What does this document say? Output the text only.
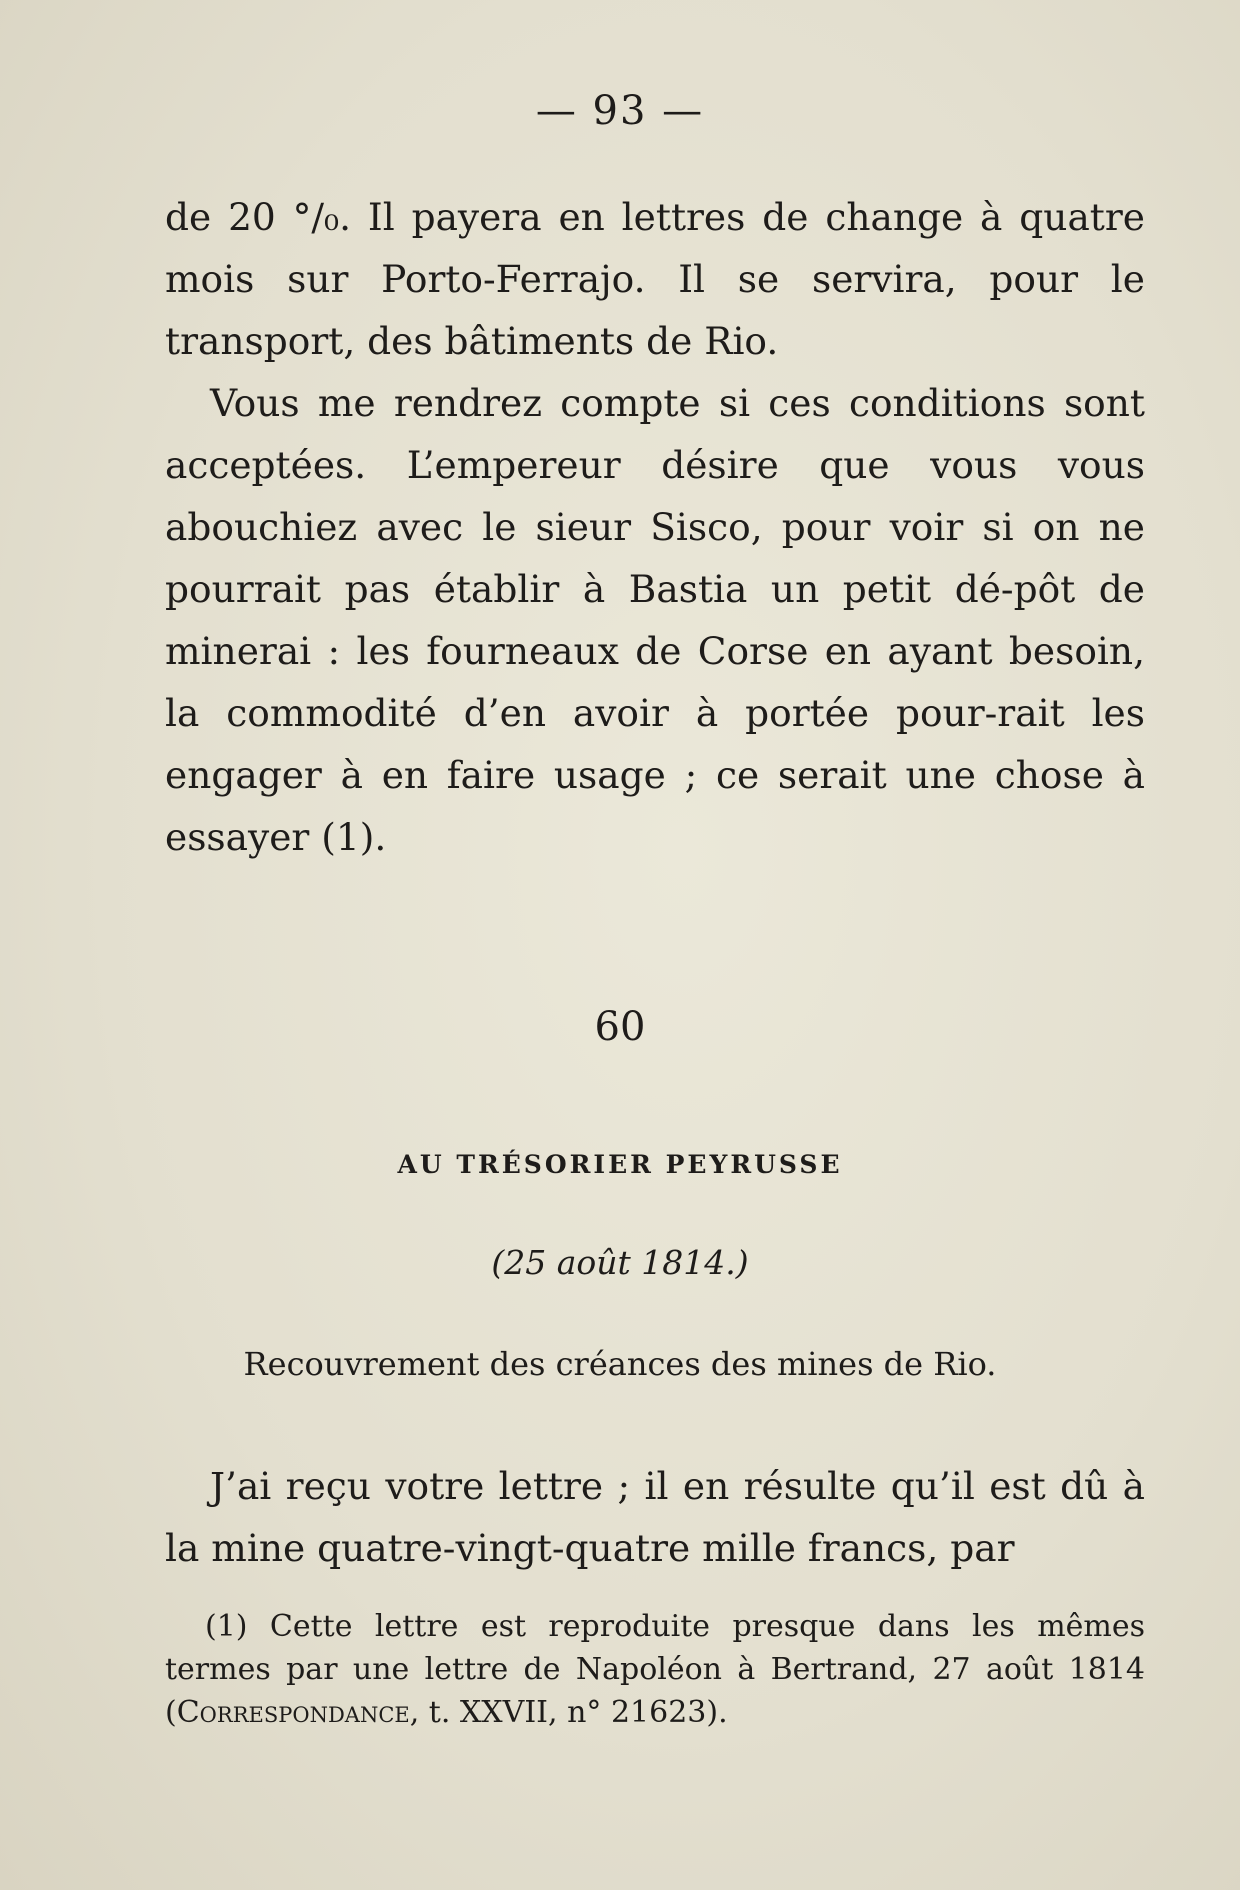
— 93 —

de 20 °/₀. Il payera en lettres de change à quatre mois sur Porto-Ferrajo. Il se servira, pour le transport, des bâtiments de Rio.

Vous me rendrez compte si ces conditions sont acceptées. L’empereur désire que vous vous abouchiez avec le sieur Sisco, pour voir si on ne pourrait pas établir à Bastia un petit dé-pôt de minerai : les fourneaux de Corse en ayant besoin, la commodité d’en avoir à portée pour-rait les engager à en faire usage ; ce serait une chose à essayer (1).

60
AU TRÉSORIER PEYRUSSE
(25 août 1814.)
Recouvrement des créances des mines de Rio.

J’ai reçu votre lettre ; il en résulte qu’il est dû à la mine quatre-vingt-quatre mille francs, par

(1) Cette lettre est reproduite presque dans les mêmes termes par une lettre de Napoléon à Bertrand, 27 août 1814 (Correspondance, t. XXVII, n° 21623).
